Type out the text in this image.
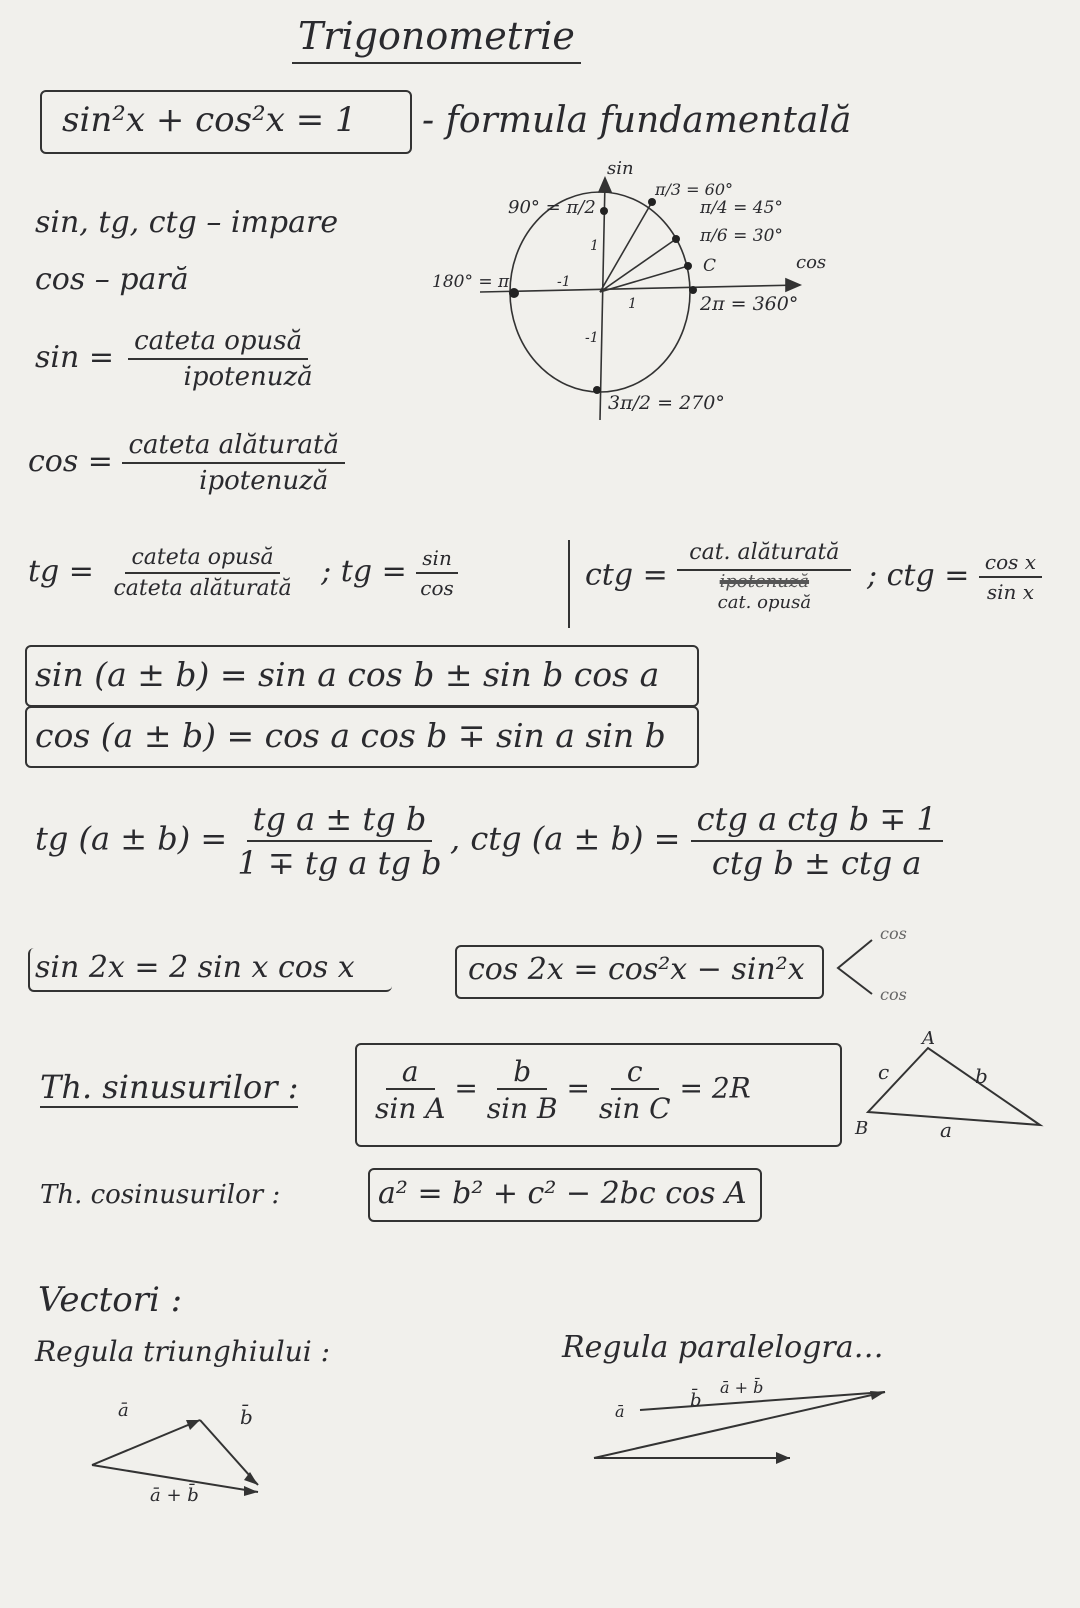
Trigonometrie
sin²x + cos²x = 1 - formula fundamentală
sin, tg, ctg – impare
cos – pară
$\sin = \frac{\text{cateta opusă}}{\text{ipotenuză}}$
$\cos = \frac{\text{cateta alăturată}}{\text{ipotenuză}}$
sin
cos
90° = π/2
180° = π
2π = 360°
3π/2 = 270°
π/3 = 60°
π/4 = 45°
π/6 = 30°
C
1
-1
1
-1
tg = $\frac{\text{cateta opusă}}{\text{cateta alăturată}}$ ; tg = $\frac{\sin}{\cos}$	ctg =
cat. alăturată
ipotenuză
cat. opusă
; ctg = $\frac{\text{cos x}}{\text{sin x}}$
sin (a ± b) = sin a cos b ± sin b cos a
cos (a ± b) = cos a cos b ∓ sin a sin b
tg $(a \pm b) = \frac{\text{tg a ± tg b}}{\text{1 ∓ tg a tg b}}$ , ctg $(a \pm b) = \frac{\text{ctg a ctg b ∓ 1}}{\text{ctg b ± ctg a}}$
sin 2x = 2 sin x cos x	cos 2x = cos²x − sin²x
cos
cos
Th. sinusurilor :	$\frac{a}{\text{sin A}} = \frac{b}{\text{sin B}} = \frac{c}{\text{sin C}} = 2R$
A
B	a
b
c
Th. cosinusurilor :	a² = b² + c² − 2bc cos A
Vectori :
Regula triunghiului :	Regula paralelogra…
ā	b̄
ā + b̄
ā
b̄
ā + b̄
